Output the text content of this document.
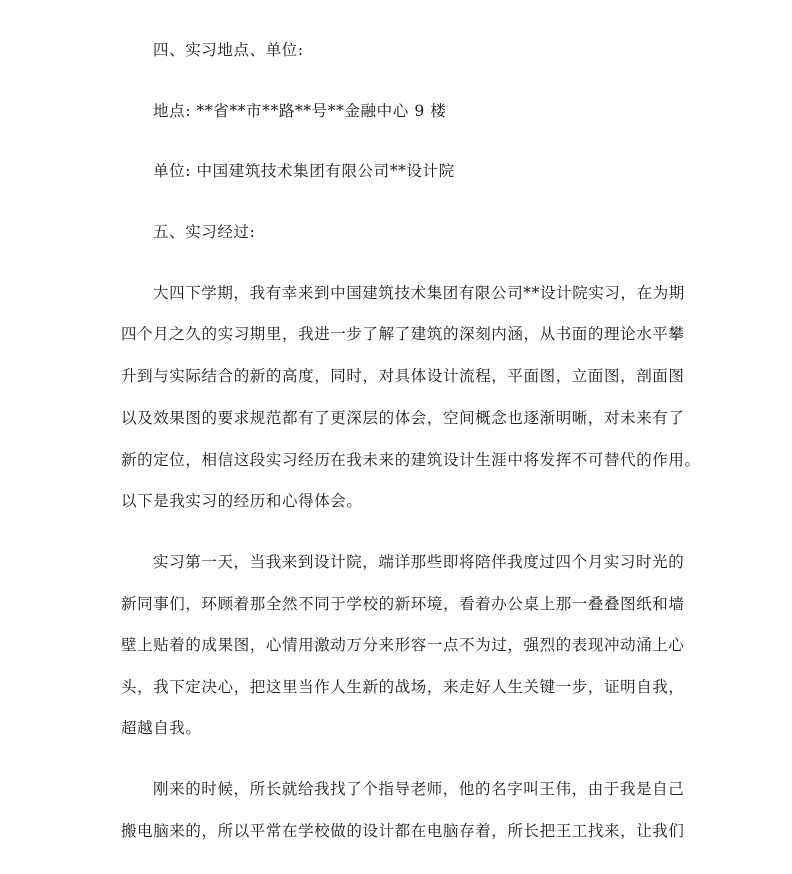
四、实习地点、单位:
地点: **省**市**路**号**金融中心 9 楼
单位: 中国建筑技术集团有限公司**设计院
五、实习经过:
大四下学期，我有幸来到中国建筑技术集团有限公司**设计院实习，在为期
四个月之久的实习期里，我进一步了解了建筑的深刻内涵，从书面的理论水平攀
升到与实际结合的新的高度，同时，对具体设计流程，平面图，立面图，剖面图
以及效果图的要求规范都有了更深层的体会，空间概念也逐渐明晰，对未来有了
新的定位，相信这段实习经历在我未来的建筑设计生涯中将发挥不可替代的作用。
以下是我实习的经历和心得体会。
实习第一天，当我来到设计院，端详那些即将陪伴我度过四个月实习时光的
新同事们，环顾着那全然不同于学校的新环境，看着办公桌上那一叠叠图纸和墙
壁上贴着的成果图，心情用激动万分来形容一点不为过，强烈的表现冲动涌上心
头，我下定决心，把这里当作人生新的战场，来走好人生关键一步，证明自我，
超越自我。
刚来的时候，所长就给我找了个指导老师，他的名字叫王伟，由于我是自己
搬电脑来的，所以平常在学校做的设计都在电脑存着，所长把王工找来，让我们
